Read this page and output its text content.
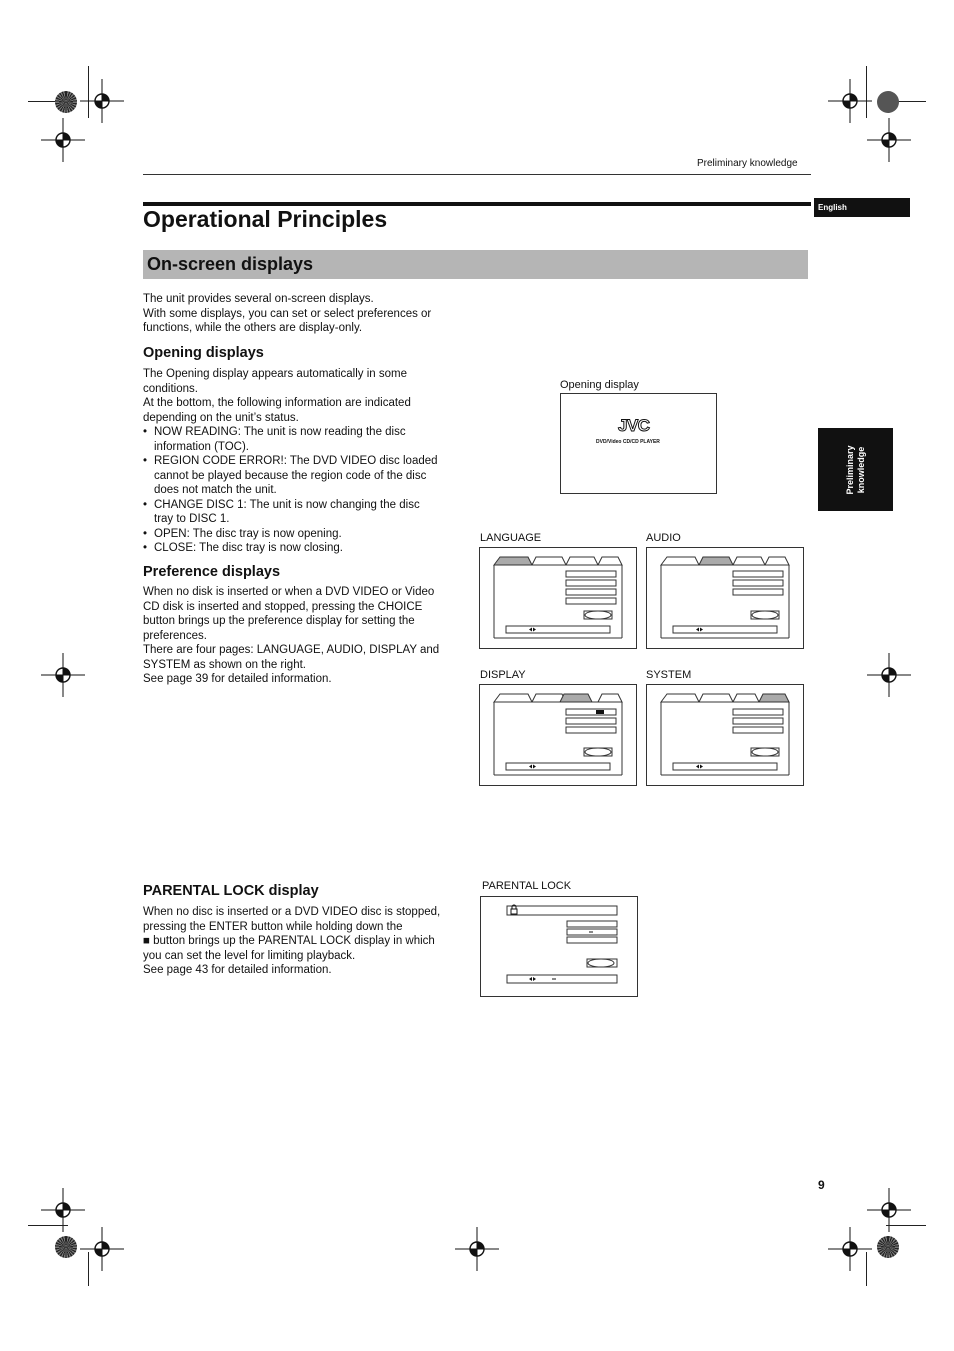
Preliminary knowledge
Operational Principles	English
Preliminary knowledge
On-screen displays
The unit provides several on-screen displays.
With some displays, you can set or select preferences or
functions, while the others are display-only.
Opening displays
The Opening display appears automatically in some
conditions.
At the bottom, the following information are indicated
depending on the unit’s status.
• NOW READING: The unit is now reading the disc
information (TOC).
• REGION CODE ERROR!: The DVD VIDEO disc loaded
cannot be played because the region code of the disc
does not match the unit.
• CHANGE DISC 1: The unit is now changing the disc
tray to DISC 1.
• OPEN: The disc tray is now opening.
• CLOSE: The disc tray is now closing.
Preference displays
When no disk is inserted or when a DVD VIDEO or Video
CD disk is inserted and stopped, pressing the CHOICE
button brings up the preference display for setting the
preferences.
There are four pages: LANGUAGE, AUDIO, DISPLAY and
SYSTEM as shown on the right.
See page 39 for detailed information.
PARENTAL LOCK display
When no disc is inserted or a DVD VIDEO disc is stopped,
pressing the ENTER button while holding down the
■ button brings up the PARENTAL LOCK display in which
you can set the level for limiting playback.
See page 43 for detailed information.
Opening display
JVC
DVD/Video CD/CD PLAYER
LANGUAGE	AUDIO
DISPLAY	SYSTEM
PARENTAL LOCK
9
